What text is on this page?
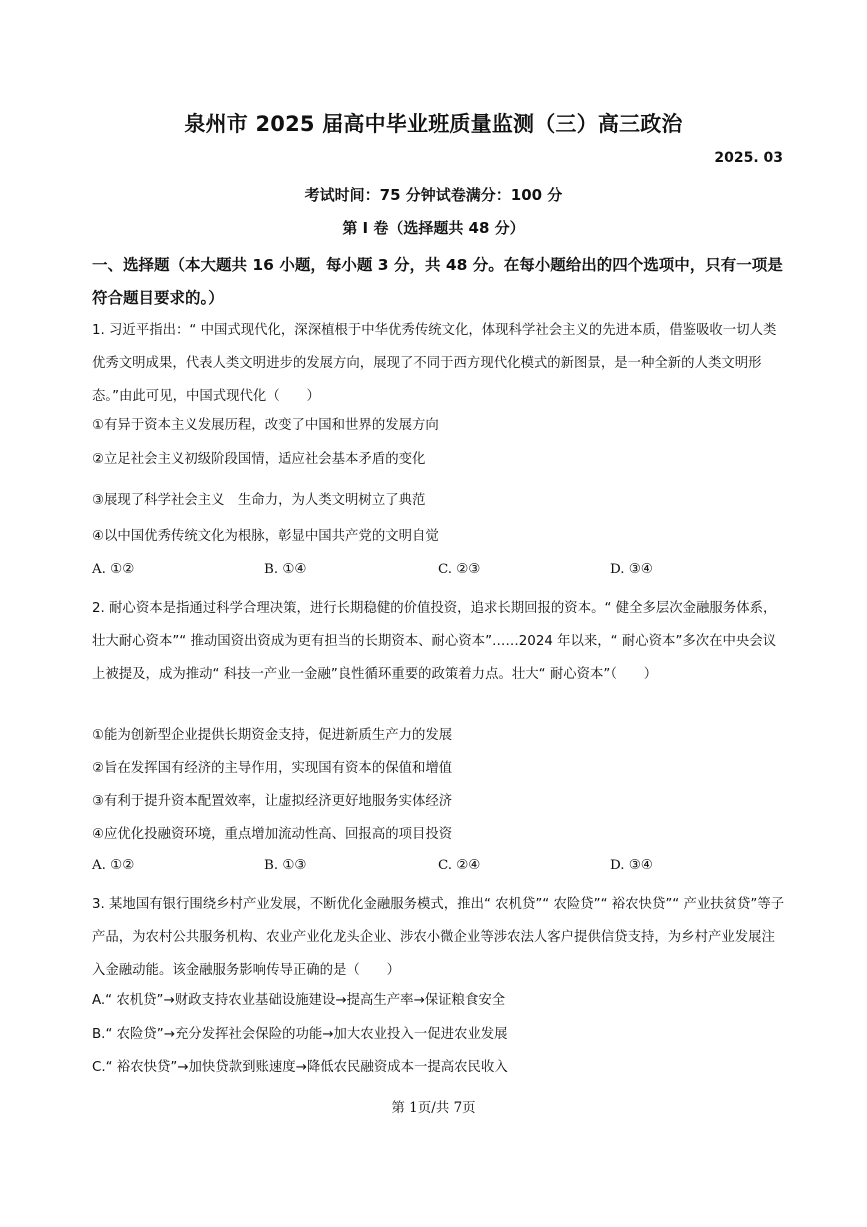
泉州市 2025 届高中毕业班质量监测（三）高三政治
2025. 03
考试时间：75 分钟试卷满分：100 分
第 I 卷（选择题共 48 分）
一、选择题（本大题共 16 小题，每小题 3 分，共 48 分。在每小题给出的四个选项中，只有一项是符合题目要求的。）
1. 习近平指出：“ 中国式现代化，深深植根于中华优秀传统文化，体现科学社会主义的先进本质，借鉴吸收一切人类优秀文明成果，代表人类文明进步的发展方向，展现了不同于西方现代化模式的新图景，是一种全新的人类文明形态。”由此可见，中国式现代化（　　）
①有异于资本主义发展历程，改变了中国和世界的发展方向
②立足社会主义初级阶段国情，适应社会基本矛盾的变化
③展现了科学社会主义　生命力，为人类文明树立了典范
④以中国优秀传统文化为根脉，彰显中国共产党的文明自觉
A. ①②	B. ①④	C. ②③	D. ③④
2. 耐心资本是指通过科学合理决策，进行长期稳健的价值投资，追求长期回报的资本。“ 健全多层次金融服务体系，壮大耐心资本”“ 推动国资出资成为更有担当的长期资本、耐心资本”……2024 年以来，“ 耐心资本”多次在中央会议上被提及，成为推动“ 科技一产业一金融”良性循环重要的政策着力点。壮大“ 耐心资本”（　　）
①能为创新型企业提供长期资金支持，促进新质生产力的发展
②旨在发挥国有经济的主导作用，实现国有资本的保值和增值
③有利于提升资本配置效率，让虚拟经济更好地服务实体经济
④应优化投融资环境，重点增加流动性高、回报高的项目投资
A. ①②	B. ①③	C. ②④	D. ③④
3. 某地国有银行围绕乡村产业发展，不断优化金融服务模式，推出“ 农机贷”“ 农险贷”“ 裕农快贷”“ 产业扶贫贷”等子产品，为农村公共服务机构、农业产业化龙头企业、涉农小微企业等涉农法人客户提供信贷支持，为乡村产业发展注入金融动能。该金融服务影响传导正确的是（　　）
A.“ 农机贷”→财政支持农业基础设施建设→提高生产率→保证粮食安全
B.“ 农险贷”→充分发挥社会保险的功能→加大农业投入一促进农业发展
C.“ 裕农快贷”→加快贷款到账速度→降低农民融资成本一提高农民收入
第 1页/共 7页
